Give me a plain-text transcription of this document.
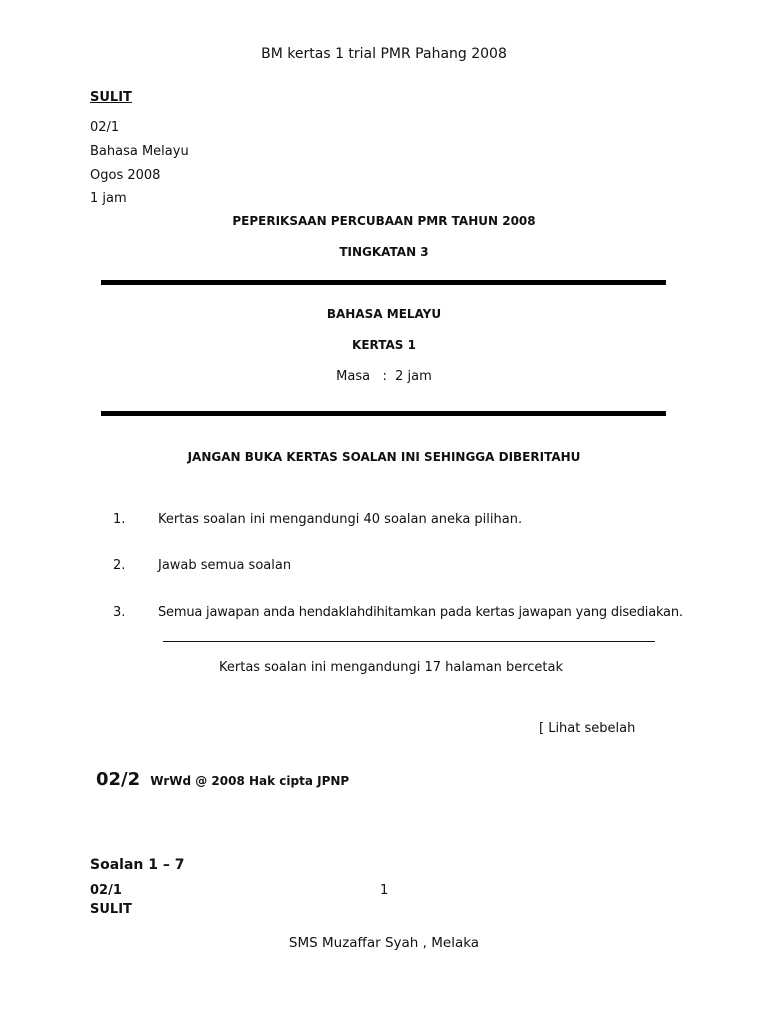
BM kertas 1 trial PMR Pahang 2008
SULIT
02/1
Bahasa Melayu
Ogos 2008
1 jam
PEPERIKSAAN PERCUBAAN PMR TAHUN 2008
TINGKATAN 3
BAHASA MELAYU
KERTAS 1
Masa : 2 jam
JANGAN BUKA KERTAS SOALAN INI SEHINGGA DIBERITAHU
1.	Kertas soalan ini mengandungi 40 soalan aneka pilihan.
2.	Jawab semua soalan
3.	Semua jawapan anda hendaklahdihitamkan pada kertas jawapan yang disediakan.
Kertas soalan ini mengandungi 17 halaman bercetak
[ Lihat sebelah
02/2 WrWd @ 2008 Hak cipta JPNP
Soalan 1 – 7
02/1	1
SULIT
SMS Muzaffar Syah , Melaka
